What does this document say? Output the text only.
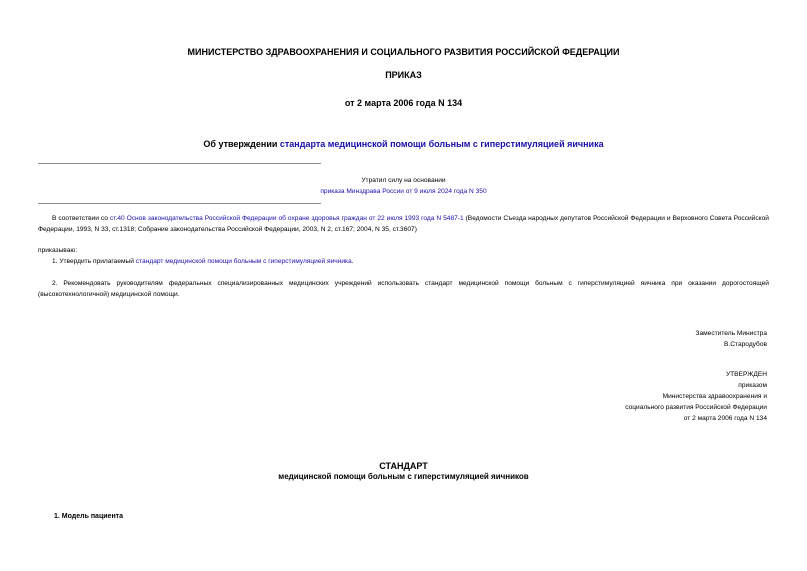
МИНИСТЕРСТВО ЗДРАВООХРАНЕНИЯ И СОЦИАЛЬНОГО РАЗВИТИЯ РОССИЙСКОЙ ФЕДЕРАЦИИ
ПРИКАЗ
от 2 марта 2006 года N 134
Об утверждении стандарта медицинской помощи больным с гиперстимуляцией яичника
Утратил силу на основании
приказа Минздрава России от 9 июля 2024 года N 350
В соответствии со ст.40 Основ законодательства Российской Федерации об охране здоровья граждан от 22 июля 1993 года N 5487-1 (Ведомости Съезда народных депутатов Российской Федерации и Верховного Совета Российской Федерации, 1993, N 33, ст.1318; Собрание законодательства Российской Федерации, 2003, N 2, ст.167; 2004, N 35, ст.3607)
приказываю:
1. Утвердить прилагаемый стандарт медицинской помощи больным с гиперстимуляцией яичника.
2. Рекомендовать руководителям федеральных специализированных медицинских учреждений использовать стандарт медицинской помощи больным с гиперстимуляцией яичника при оказании дорогостоящей (высокотехнологичной) медицинской помощи.
Заместитель Министра
В.Стародубов
УТВЕРЖДЕН
приказом
Министерства здравоохранения и
социального развития Российской Федерации
от 2 марта 2006 года N 134
СТАНДАРТ
медицинской помощи больным с гиперстимуляцией яичников
1. Модель пациента
